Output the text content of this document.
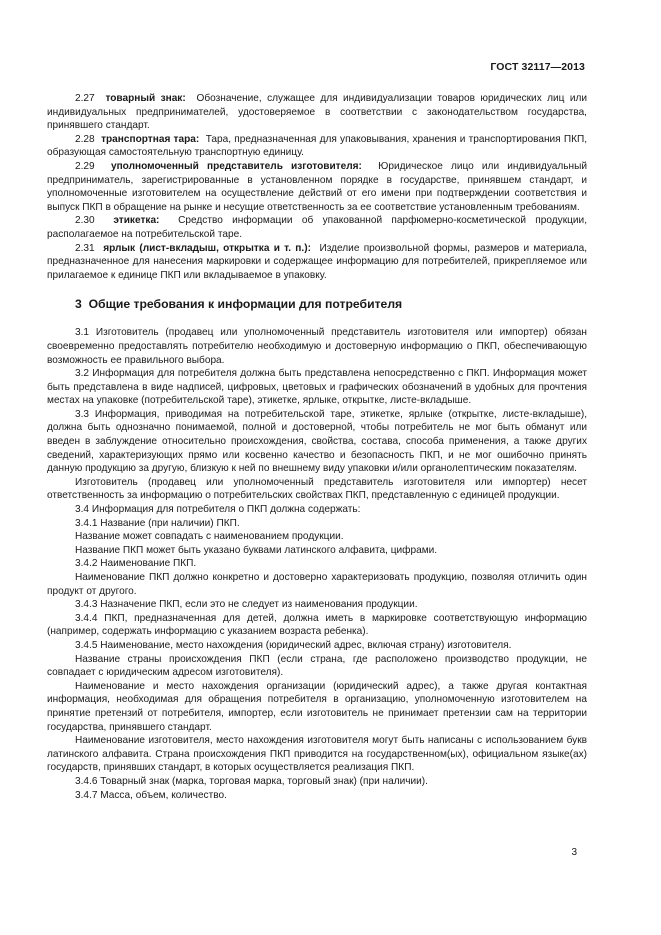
ГОСТ 32117—2013

2.27 товарный знак: Обозначение, служащее для индивидуализации товаров юридических лиц или индивидуальных предпринимателей, удостоверяемое в соответствии с законодательством государства, принявшего стандарт.

2.28 транспортная тара: Тара, предназначенная для упаковывания, хранения и транспортирования ПКП, образующая самостоятельную транспортную единицу.

2.29 уполномоченный представитель изготовителя: Юридическое лицо или индивидуальный предприниматель, зарегистрированные в установленном порядке в государстве, принявшем стандарт, и уполномоченные изготовителем на осуществление действий от его имени при подтверждении соответствия и выпуск ПКП в обращение на рынке и несущие ответственность за ее соответствие установленным требованиям.

2.30 этикетка: Средство информации об упакованной парфюмерно-косметической продукции, располагаемое на потребительской таре.

2.31 ярлык (лист-вкладыш, открытка и т. п.): Изделие произвольной формы, размеров и материала, предназначенное для нанесения маркировки и содержащее информацию для потребителей, прикрепляемое или прилагаемое к единице ПКП или вкладываемое в упаковку.

3 Общие требования к информации для потребителя

3.1 Изготовитель (продавец или уполномоченный представитель изготовителя или импортер) обязан своевременно предоставлять потребителю необходимую и достоверную информацию о ПКП, обеспечивающую возможность ее правильного выбора.

3.2 Информация для потребителя должна быть представлена непосредственно с ПКП. Информация может быть представлена в виде надписей, цифровых, цветовых и графических обозначений в удобных для прочтения местах на упаковке (потребительской таре), этикетке, ярлыке, открытке, листе-вкладыше.

3.3 Информация, приводимая на потребительской таре, этикетке, ярлыке (открытке, листе-вкладыше), должна быть однозначно понимаемой, полной и достоверной, чтобы потребитель не мог быть обманут или введен в заблуждение относительно происхождения, свойства, состава, способа применения, а также других сведений, характеризующих прямо или косвенно качество и безопасность ПКП, и не мог ошибочно принять данную продукцию за другую, близкую к ней по внешнему виду упаковки и/или органолептическим показателям.

Изготовитель (продавец или уполномоченный представитель изготовителя или импортер) несет ответственность за информацию о потребительских свойствах ПКП, представленную с единицей продукции.

3.4 Информация для потребителя о ПКП должна содержать:

3.4.1 Название (при наличии) ПКП.

Название может совпадать с наименованием продукции.

Название ПКП может быть указано буквами латинского алфавита, цифрами.

3.4.2 Наименование ПКП.

Наименование ПКП должно конкретно и достоверно характеризовать продукцию, позволяя отличить один продукт от другого.

3.4.3 Назначение ПКП, если это не следует из наименования продукции.

3.4.4 ПКП, предназначенная для детей, должна иметь в маркировке соответствующую информацию (например, содержать информацию с указанием возраста ребенка).

3.4.5 Наименование, место нахождения (юридический адрес, включая страну) изготовителя.

Название страны происхождения ПКП (если страна, где расположено производство продукции, не совпадает с юридическим адресом изготовителя).

Наименование и место нахождения организации (юридический адрес), а также другая контактная информация, необходимая для обращения потребителя в организацию, уполномоченную изготовителем на принятие претензий от потребителя, импортер, если изготовитель не принимает претензии сам на территории государства, принявшего стандарт.

Наименование изготовителя, место нахождения изготовителя могут быть написаны с использованием букв латинского алфавита. Страна происхождения ПКП приводится на государственном(ых), официальном языке(ах) государств, принявших стандарт, в которых осуществляется реализация ПКП.

3.4.6 Товарный знак (марка, торговая марка, торговый знак) (при наличии).

3.4.7 Масса, объем, количество.

3
